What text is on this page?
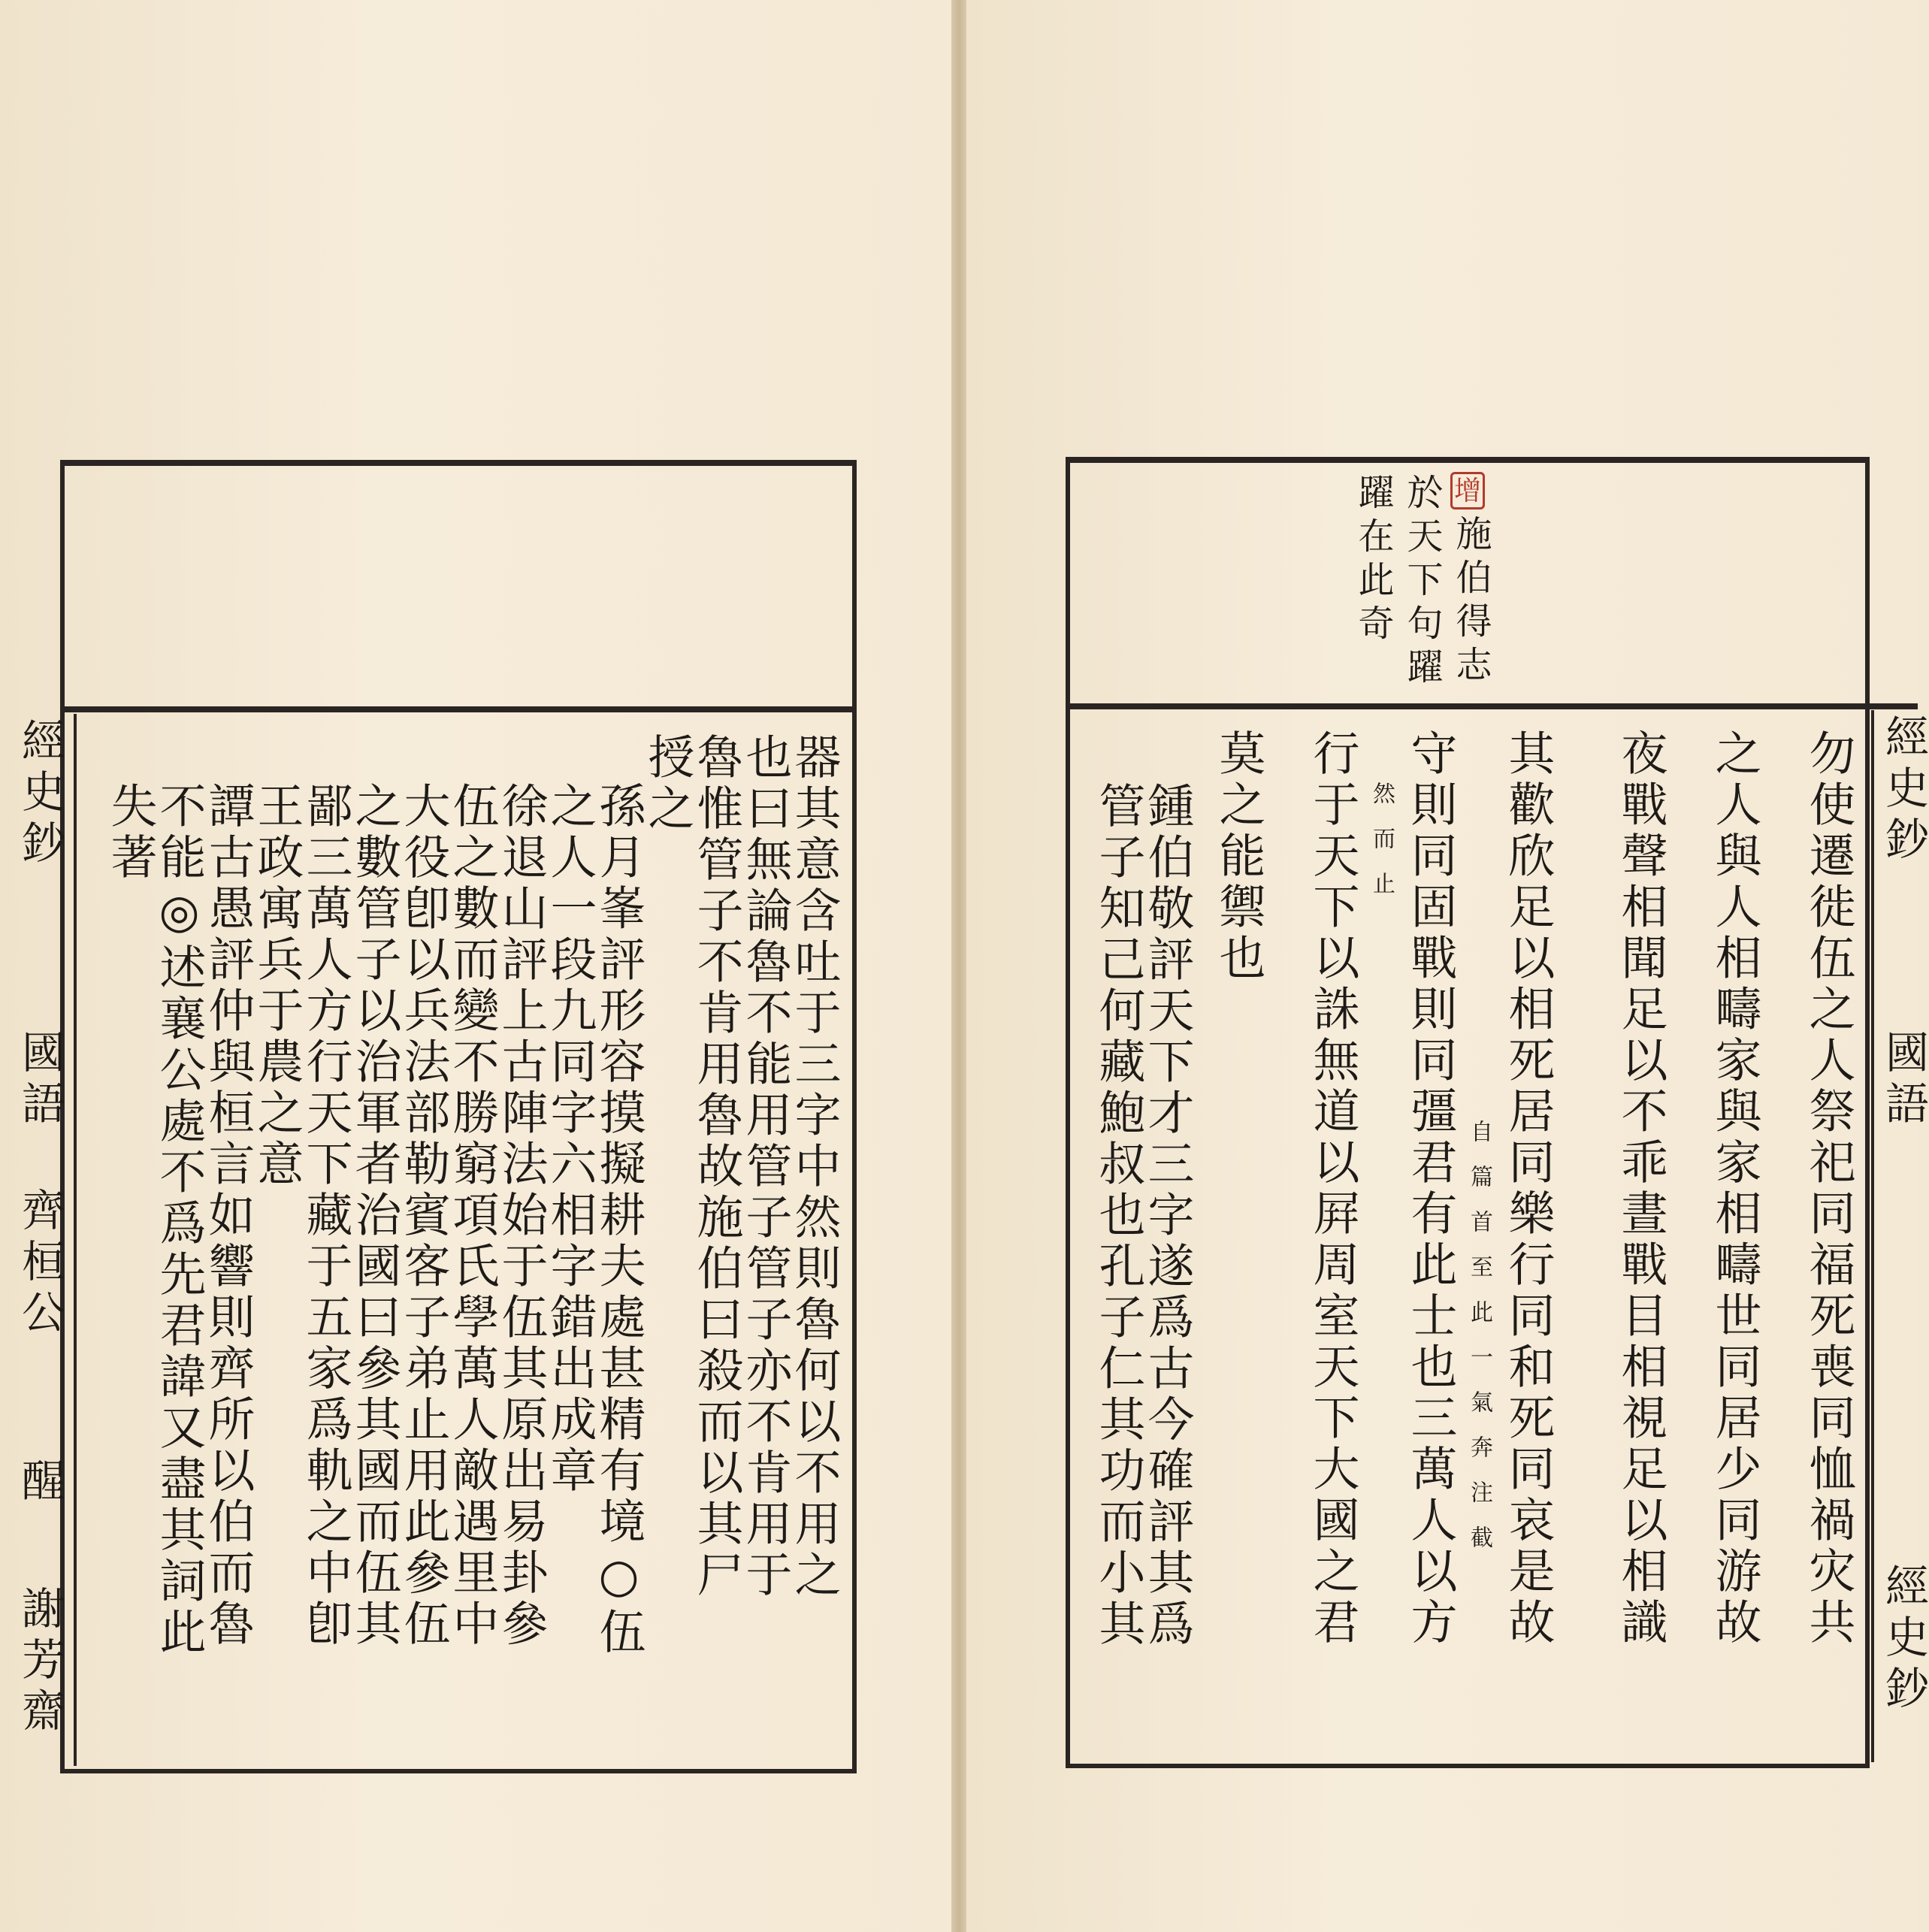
經史鈔
國語
齊桓公
醒
謝芳齋
器其意含吐于三字中然則魯何以不用之
也曰無論魯不能用管子管子亦不肯用于
魯惟管子不肯用魯故施伯曰殺而以其尸
授之
孫月峯評形容摸擬耕夫處甚精有境○伍
之人一段九同字六相字錯出成章
徐退山評上古陣法始于伍其原出易卦參
伍之數而變不勝窮項氏學萬人敵遇里中
大役卽以兵法部勒賓客子弟止用此參伍
之數管子以治軍者治國曰參其國而伍其
鄙三萬人方行天下藏于五家爲軌之中卽
王政寓兵于農之意
譚古愚評仲與桓言如響則齊所以伯而魯
不能◎述襄公處不爲先君諱又盡其詞此
失著
增
施伯得志
於天下句躍
躍在此奇
經史鈔
國語
經史鈔
勿使遷徙伍之人祭祀同福死喪同恤禍灾共
之人與人相疇家與家相疇世同居少同游故
夜戰聲相聞足以不乖晝戰目相視足以相識
其歡欣足以相死居同樂行同和死同哀是故
自篇首至此一氣奔注截
守則同固戰則同彊君有此士也三萬人以方
然而止
行于天下以誅無道以屛周室天下大國之君
莫之能禦也
鍾伯敬評天下才三字遂爲古今確評其爲
管子知己何藏鮑叔也孔子仁其功而小其
